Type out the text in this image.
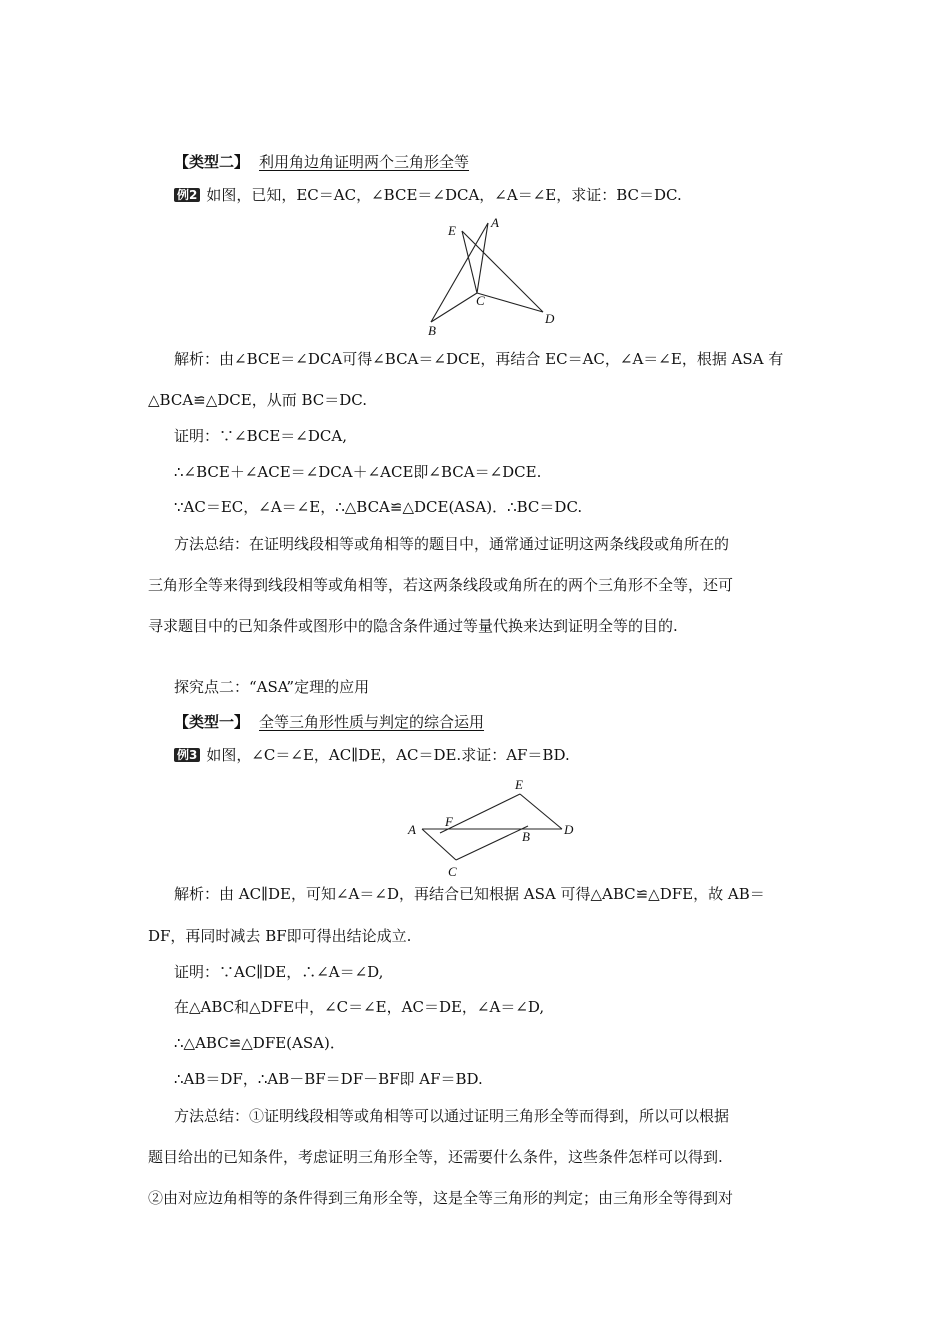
【类型二】 利用角边角证明两个三角形全等
例2 如图，已知，EC＝AC，∠BCE＝∠DCA，∠A＝∠E，求证：BC＝DC.
E
A
C
B
D
解析：由∠BCE＝∠DCA可得∠BCA＝∠DCE，再结合 EC＝AC，∠A＝∠E，根据 ASA 有
△BCA≌△DCE，从而 BC＝DC.
证明：∵∠BCE＝∠DCA,
∴∠BCE＋∠ACE＝∠DCA＋∠ACE即∠BCA＝∠DCE.
∵AC＝EC，∠A＝∠E，∴△BCA≌△DCE(ASA)．∴BC＝DC.
方法总结：在证明线段相等或角相等的题目中，通常通过证明这两条线段或角所在的
三角形全等来得到线段相等或角相等，若这两条线段或角所在的两个三角形不全等，还可
寻求题目中的已知条件或图形中的隐含条件通过等量代换来达到证明全等的目的.
探究点二：“ASA”定理的应用
【类型一】 全等三角形性质与判定的综合运用
例3 如图，∠C＝∠E，AC∥DE，AC＝DE.求证：AF＝BD.
E
A
F
B	D
C
解析：由 AC∥DE，可知∠A＝∠D，再结合已知根据 ASA 可得△ABC≌△DFE，故 AB＝
DF，再同时减去 BF即可得出结论成立.
证明：∵AC∥DE，∴∠A＝∠D,
在△ABC和△DFE中，∠C＝∠E，AC＝DE，∠A＝∠D,
∴△ABC≌△DFE(ASA)．
∴AB＝DF，∴AB－BF＝DF－BF即 AF＝BD.
方法总结：①证明线段相等或角相等可以通过证明三角形全等而得到，所以可以根据
题目给出的已知条件，考虑证明三角形全等，还需要什么条件，这些条件怎样可以得到.
②由对应边角相等的条件得到三角形全等，这是全等三角形的判定；由三角形全等得到对
